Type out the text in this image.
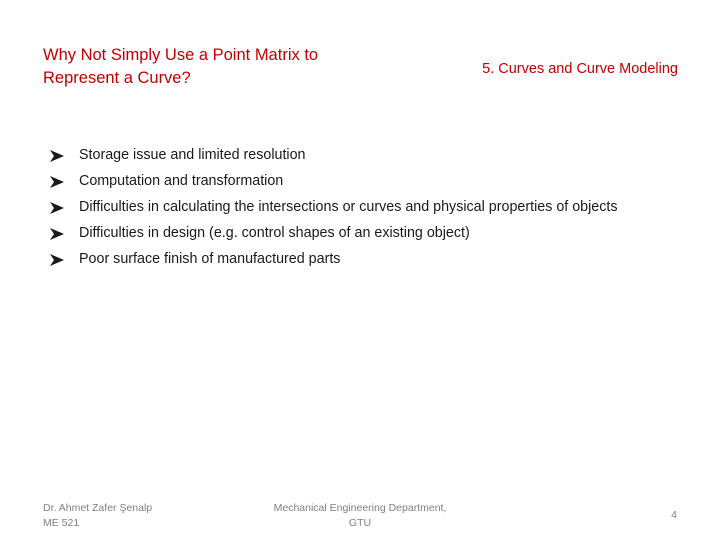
Why Not Simply Use a Point Matrix to
Represent a Curve?	5. Curves and Curve Modeling
Storage issue and limited resolution
Computation and transformation
Difficulties in calculating the intersections or curves and physical properties of objects
Difficulties in design (e.g. control shapes of an existing object)
Poor surface finish of manufactured parts
Dr. Ahmet Zafer Şenalp
ME 521
Mechanical Engineering Department,
GTU
4
